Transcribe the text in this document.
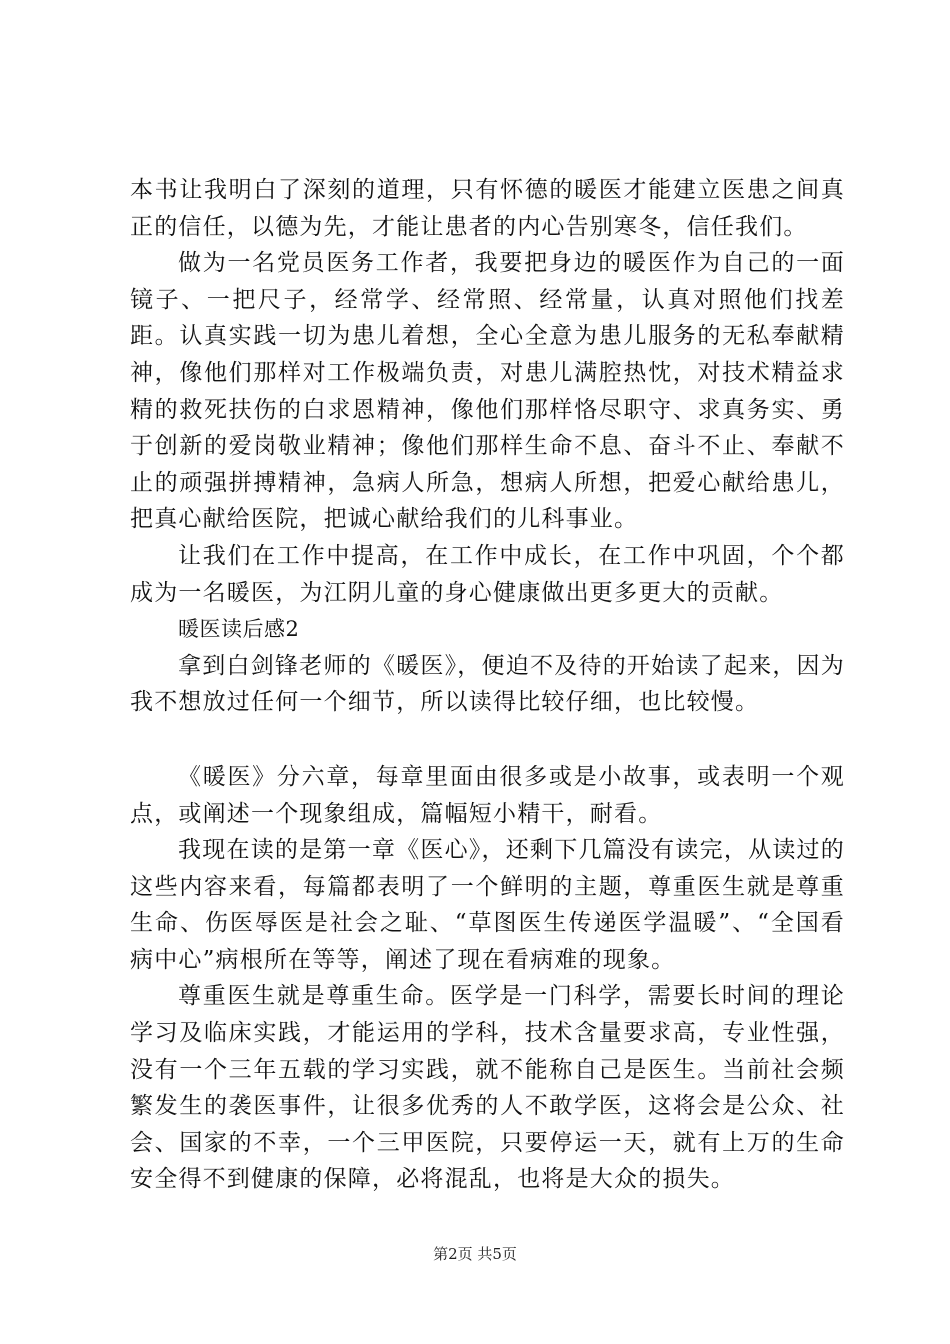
本书让我明白了深刻的道理，只有怀德的暖医才能建立医患之间真正的信任，以德为先，才能让患者的内心告别寒冬，信任我们。

做为一名党员医务工作者，我要把身边的暖医作为自己的一面镜子、一把尺子，经常学、经常照、经常量，认真对照他们找差距。认真实践一切为患儿着想，全心全意为患儿服务的无私奉献精神，像他们那样对工作极端负责，对患儿满腔热忱，对技术精益求精的救死扶伤的白求恩精神，像他们那样恪尽职守、求真务实、勇于创新的爱岗敬业精神；像他们那样生命不息、奋斗不止、奉献不止的顽强拼搏精神，急病人所急，想病人所想，把爱心献给患儿，把真心献给医院，把诚心献给我们的儿科事业。

让我们在工作中提高，在工作中成长，在工作中巩固，个个都成为一名暖医，为江阴儿童的身心健康做出更多更大的贡献。

暖医读后感2

拿到白剑锋老师的《暖医》，便迫不及待的开始读了起来，因为我不想放过任何一个细节，所以读得比较仔细，也比较慢。

《暖医》分六章，每章里面由很多或是小故事，或表明一个观点，或阐述一个现象组成，篇幅短小精干，耐看。

我现在读的是第一章《医心》，还剩下几篇没有读完，从读过的这些内容来看，每篇都表明了一个鲜明的主题，尊重医生就是尊重生命、伤医辱医是社会之耻、“草图医生传递医学温暖”、“全国看病中心”病根所在等等，阐述了现在看病难的现象。

尊重医生就是尊重生命。医学是一门科学，需要长时间的理论学习及临床实践，才能运用的学科，技术含量要求高，专业性强，没有一个三年五载的学习实践，就不能称自己是医生。当前社会频繁发生的袭医事件，让很多优秀的人不敢学医，这将会是公众、社会、国家的不幸，一个三甲医院，只要停运一天，就有上万的生命安全得不到健康的保障，必将混乱，也将是大众的损失。

第2页 共5页
